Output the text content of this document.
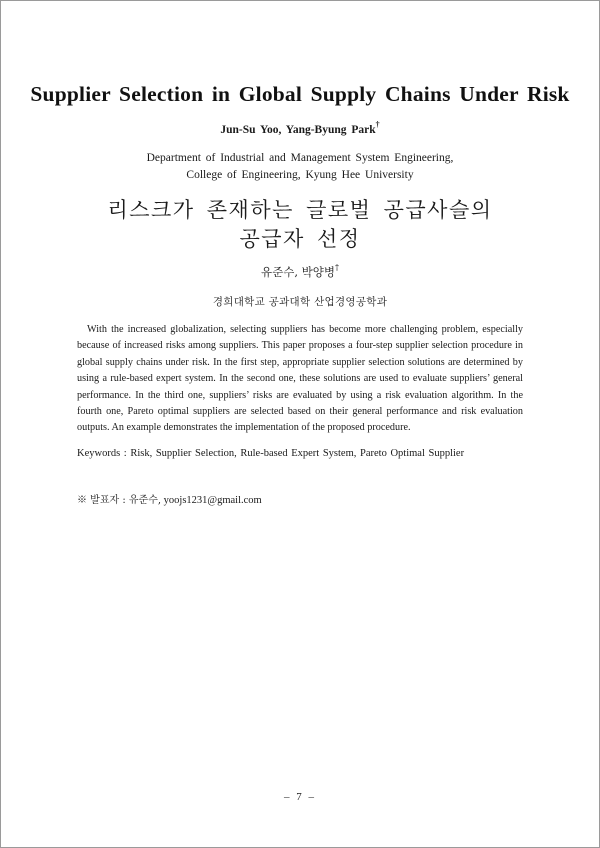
Supplier Selection in Global Supply Chains Under Risk
Jun-Su Yoo, Yang-Byung Park†
Department of Industrial and Management System Engineering,
College of Engineering, Kyung Hee University
리스크가 존재하는 글로벌 공급사슬의
공급자 선정
유준수, 박양병†
경희대학교 공과대학 산업경영공학과

With the increased globalization, selecting suppliers has become more challenging problem, especially because of increased risks among suppliers. This paper proposes a four-step supplier selection procedure in global supply chains under risk. In the first step, appropriate supplier selection solutions are determined by using a rule-based expert system. In the second one, these solutions are used to evaluate suppliers’ general performance. In the third one, suppliers’ risks are evaluated by using a risk evaluation algorithm. In the fourth one, Pareto optimal suppliers are selected based on their general performance and risk evaluation outputs. An example demonstrates the implementation of the proposed procedure.

Keywords : Risk, Supplier Selection, Rule-based Expert System, Pareto Optimal Supplier
※ 발표자 : 유준수, yoojs1231@gmail.com
– 7 –
